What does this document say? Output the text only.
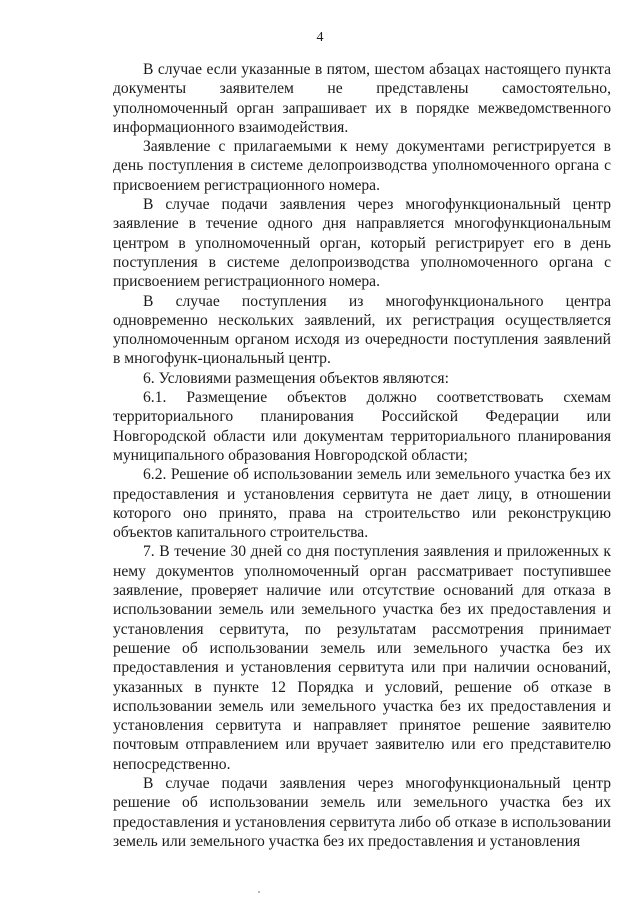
4

В случае если указанные в пятом, шестом абзацах настоящего пункта документы заявителем не представлены самостоятельно, уполномоченный орган запрашивает их в порядке межведомственного информационного взаимодействия.

Заявление с прилагаемыми к нему документами регистрируется в день поступления в системе делопроизводства уполномоченного органа с присвоением регистрационного номера.

В случае подачи заявления через многофункциональный центр заявление в течение одного дня направляется многофункциональным центром в уполномоченный орган, который регистрирует его в день поступления в системе делопроизводства уполномоченного органа с присвоением регистрационного номера.

В случае поступления из многофункционального центра одновременно нескольких заявлений, их регистрация осуществляется уполномоченным органом исходя из очередности поступления заявлений в многофунк-циональный центр.

6. Условиями размещения объектов являются:

6.1. Размещение объектов должно соответствовать схемам территориального планирования Российской Федерации или Новгородской области или документам территориального планирования муниципального образования Новгородской области;

6.2. Решение об использовании земель или земельного участка без их предоставления и установления сервитута не дает лицу, в отношении которого оно принято, права на строительство или реконструкцию объектов капитального строительства.

7. В течение 30 дней со дня поступления заявления и приложенных к нему документов уполномоченный орган рассматривает поступившее заявление, проверяет наличие или отсутствие оснований для отказа в использовании земель или земельного участка без их предоставления и установления сервитута, по результатам рассмотрения принимает решение об использовании земель или земельного участка без их предоставления и установления сервитута или при наличии оснований, указанных в пункте 12 Порядка и условий, решение об отказе в использовании земель или земельного участка без их предоставления и установления сервитута и направляет принятое решение заявителю почтовым отправлением или вручает заявителю или его представителю непосредственно.

В случае подачи заявления через многофункциональный центр решение об использовании земель или земельного участка без их предоставления и установления сервитута либо об отказе в использовании земель или земельного участка без их предоставления и установления
